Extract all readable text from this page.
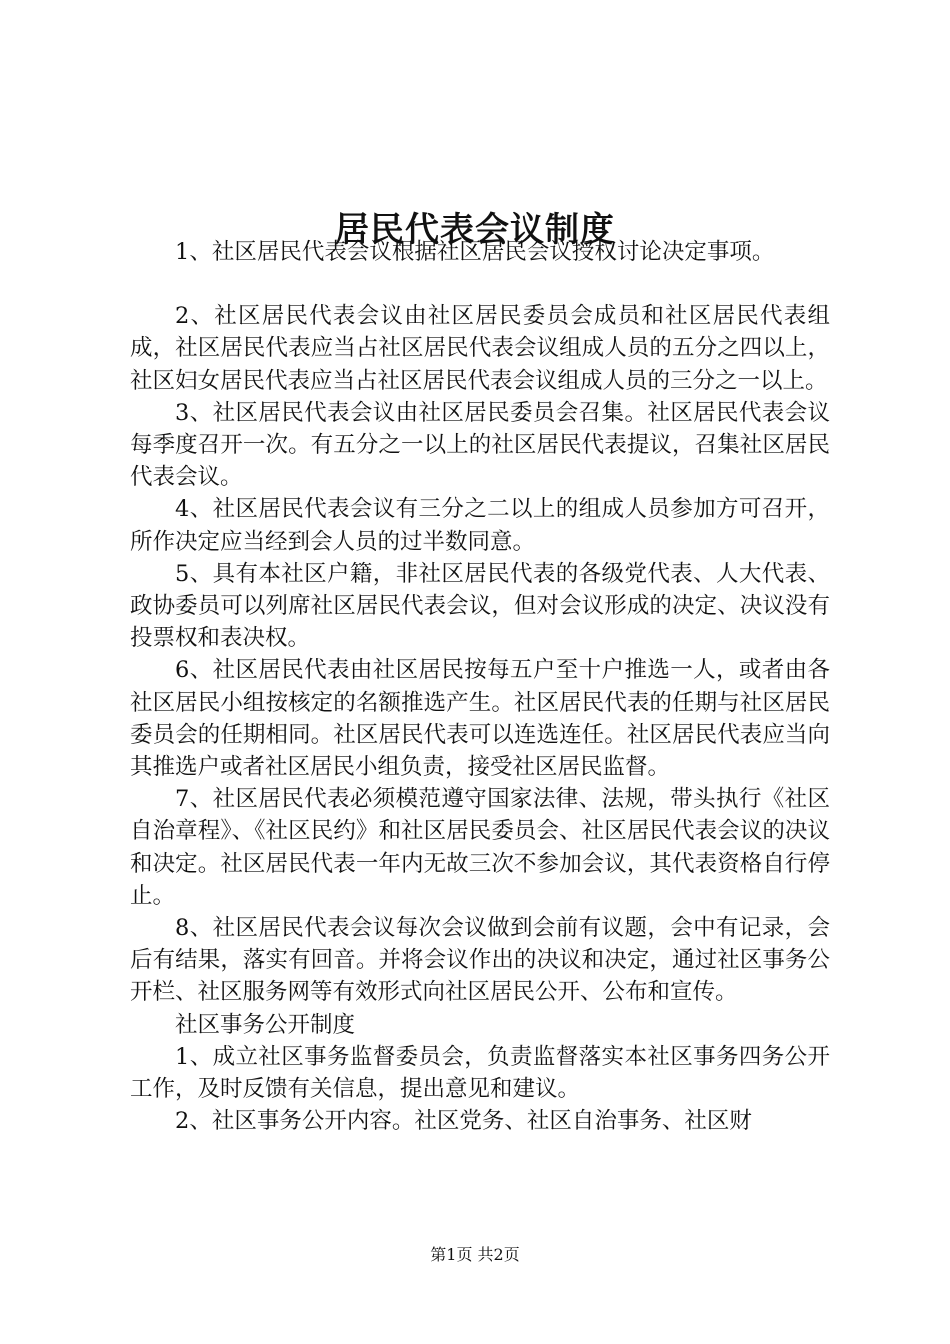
居民代表会议制度

1、社区居民代表会议根据社区居民会议授权讨论决定事项。

2、社区居民代表会议由社区居民委员会成员和社区居民代表组成，社区居民代表应当占社区居民代表会议组成人员的五分之四以上，社区妇女居民代表应当占社区居民代表会议组成人员的三分之一以上。

3、社区居民代表会议由社区居民委员会召集。社区居民代表会议每季度召开一次。有五分之一以上的社区居民代表提议，召集社区居民代表会议。

4、社区居民代表会议有三分之二以上的组成人员参加方可召开，所作决定应当经到会人员的过半数同意。

5、具有本社区户籍，非社区居民代表的各级党代表、人大代表、政协委员可以列席社区居民代表会议，但对会议形成的决定、决议没有投票权和表决权。

6、社区居民代表由社区居民按每五户至十户推选一人，或者由各社区居民小组按核定的名额推选产生。社区居民代表的任期与社区居民委员会的任期相同。社区居民代表可以连选连任。社区居民代表应当向其推选户或者社区居民小组负责，接受社区居民监督。

7、社区居民代表必须模范遵守国家法律、法规，带头执行《社区自治章程》、《社区民约》和社区居民委员会、社区居民代表会议的决议和决定。社区居民代表一年内无故三次不参加会议，其代表资格自行停止。

8、社区居民代表会议每次会议做到会前有议题，会中有记录，会后有结果，落实有回音。并将会议作出的决议和决定，通过社区事务公开栏、社区服务网等有效形式向社区居民公开、公布和宣传。

社区事务公开制度

1、成立社区事务监督委员会，负责监督落实本社区事务四务公开工作，及时反馈有关信息，提出意见和建议。

2、社区事务公开内容。社区党务、社区自治事务、社区财

第1页 共2页
